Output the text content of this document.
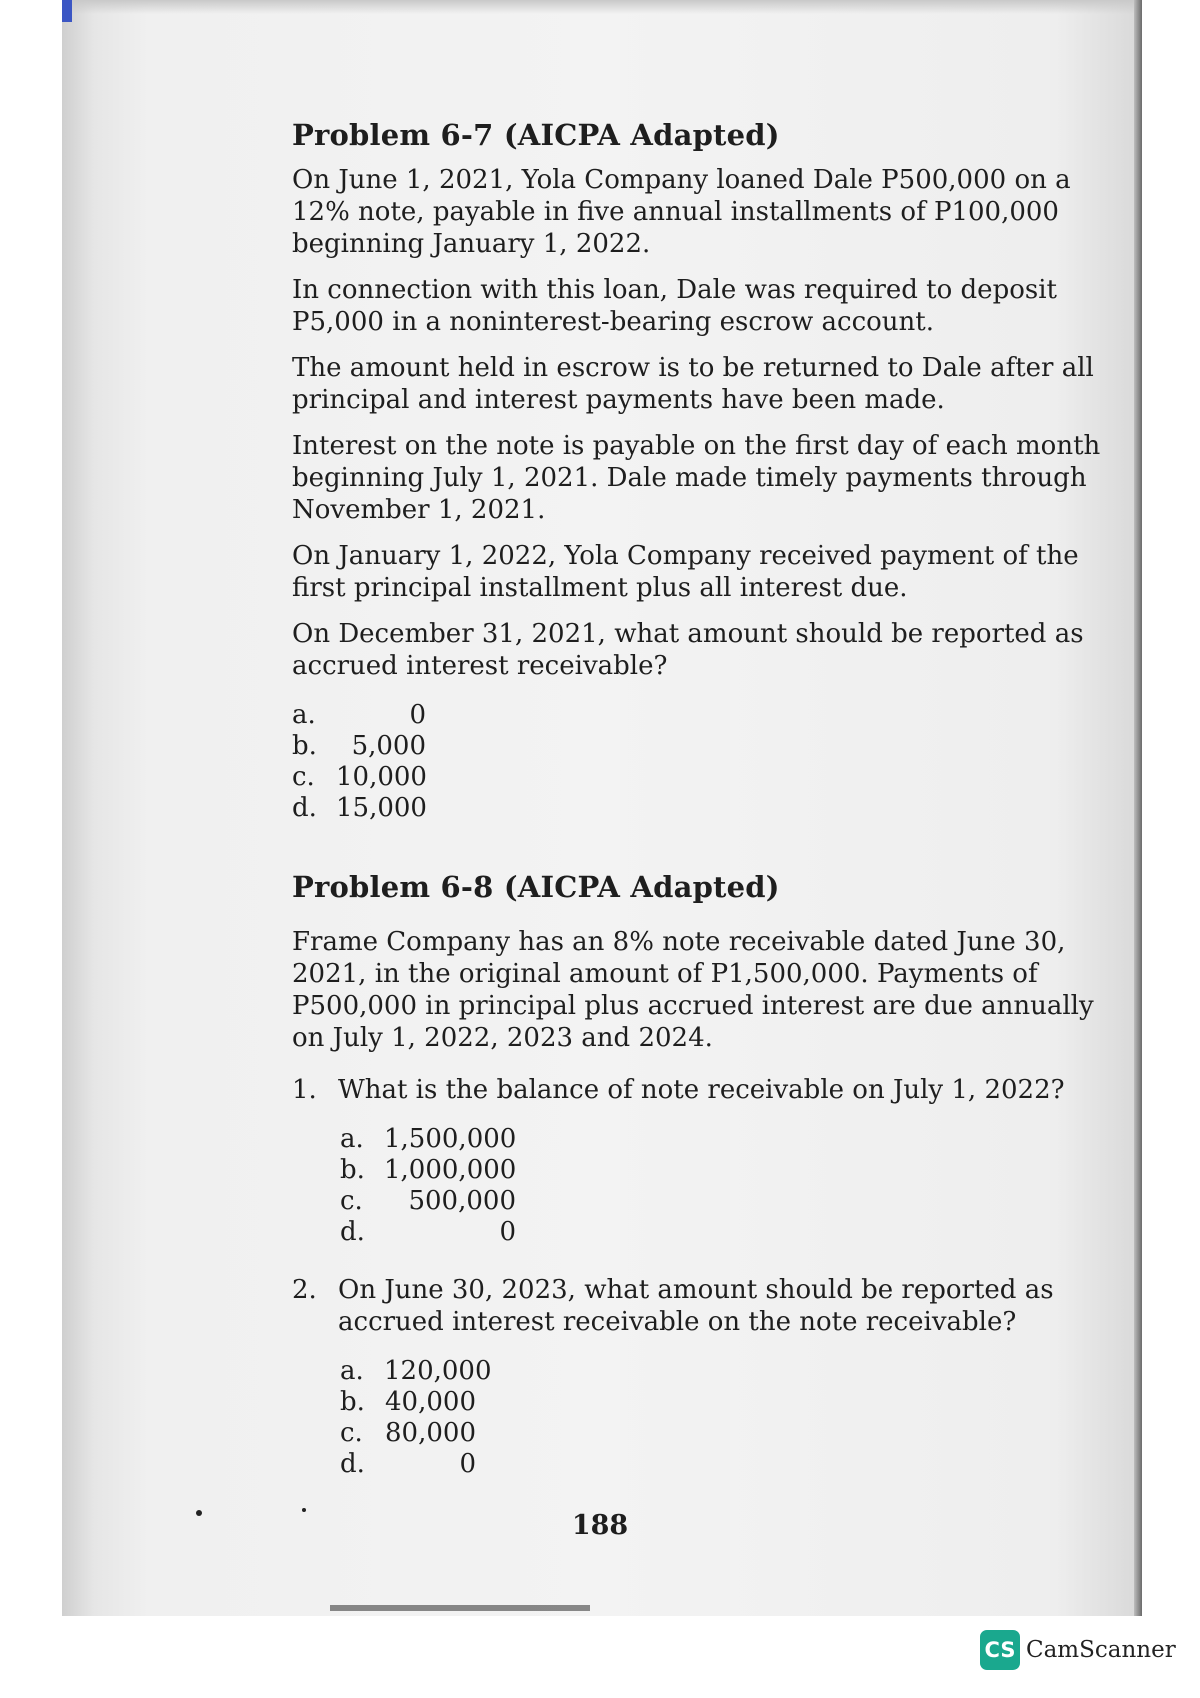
Problem 6-7 (AICPA Adapted)

On June 1, 2021, Yola Company loaned Dale P500,000 on a 12% note, payable in five annual installments of P100,000 beginning January 1, 2022.

In connection with this loan, Dale was required to deposit P5,000 in a noninterest-bearing escrow account.

The amount held in escrow is to be returned to Dale after all principal and interest payments have been made.

Interest on the note is payable on the first day of each month beginning July 1, 2021. Dale made timely payments through November 1, 2021.

On January 1, 2022, Yola Company received payment of the first principal installment plus all interest due.

On December 31, 2021, what amount should be reported as accrued interest receivable?

a.	0
b.	5,000
c. 10,000
d. 15,000
Problem 6-8 (AICPA Adapted)

Frame Company has an 8% note receivable dated June 30, 2021, in the original amount of P1,500,000. Payments of P500,000 in principal plus accrued interest are due annually on July 1, 2022, 2023 and 2024.

1. What is the balance of note receivable on July 1, 2022?
a. 1,500,000
b. 1,000,000
c.	500,000
d.	0
2. On June 30, 2023, what amount should be reported as accrued interest receivable on the note receivable?
a. 120,000
b. 40,000
c. 80,000
d.	0
188
CS CamScanner
